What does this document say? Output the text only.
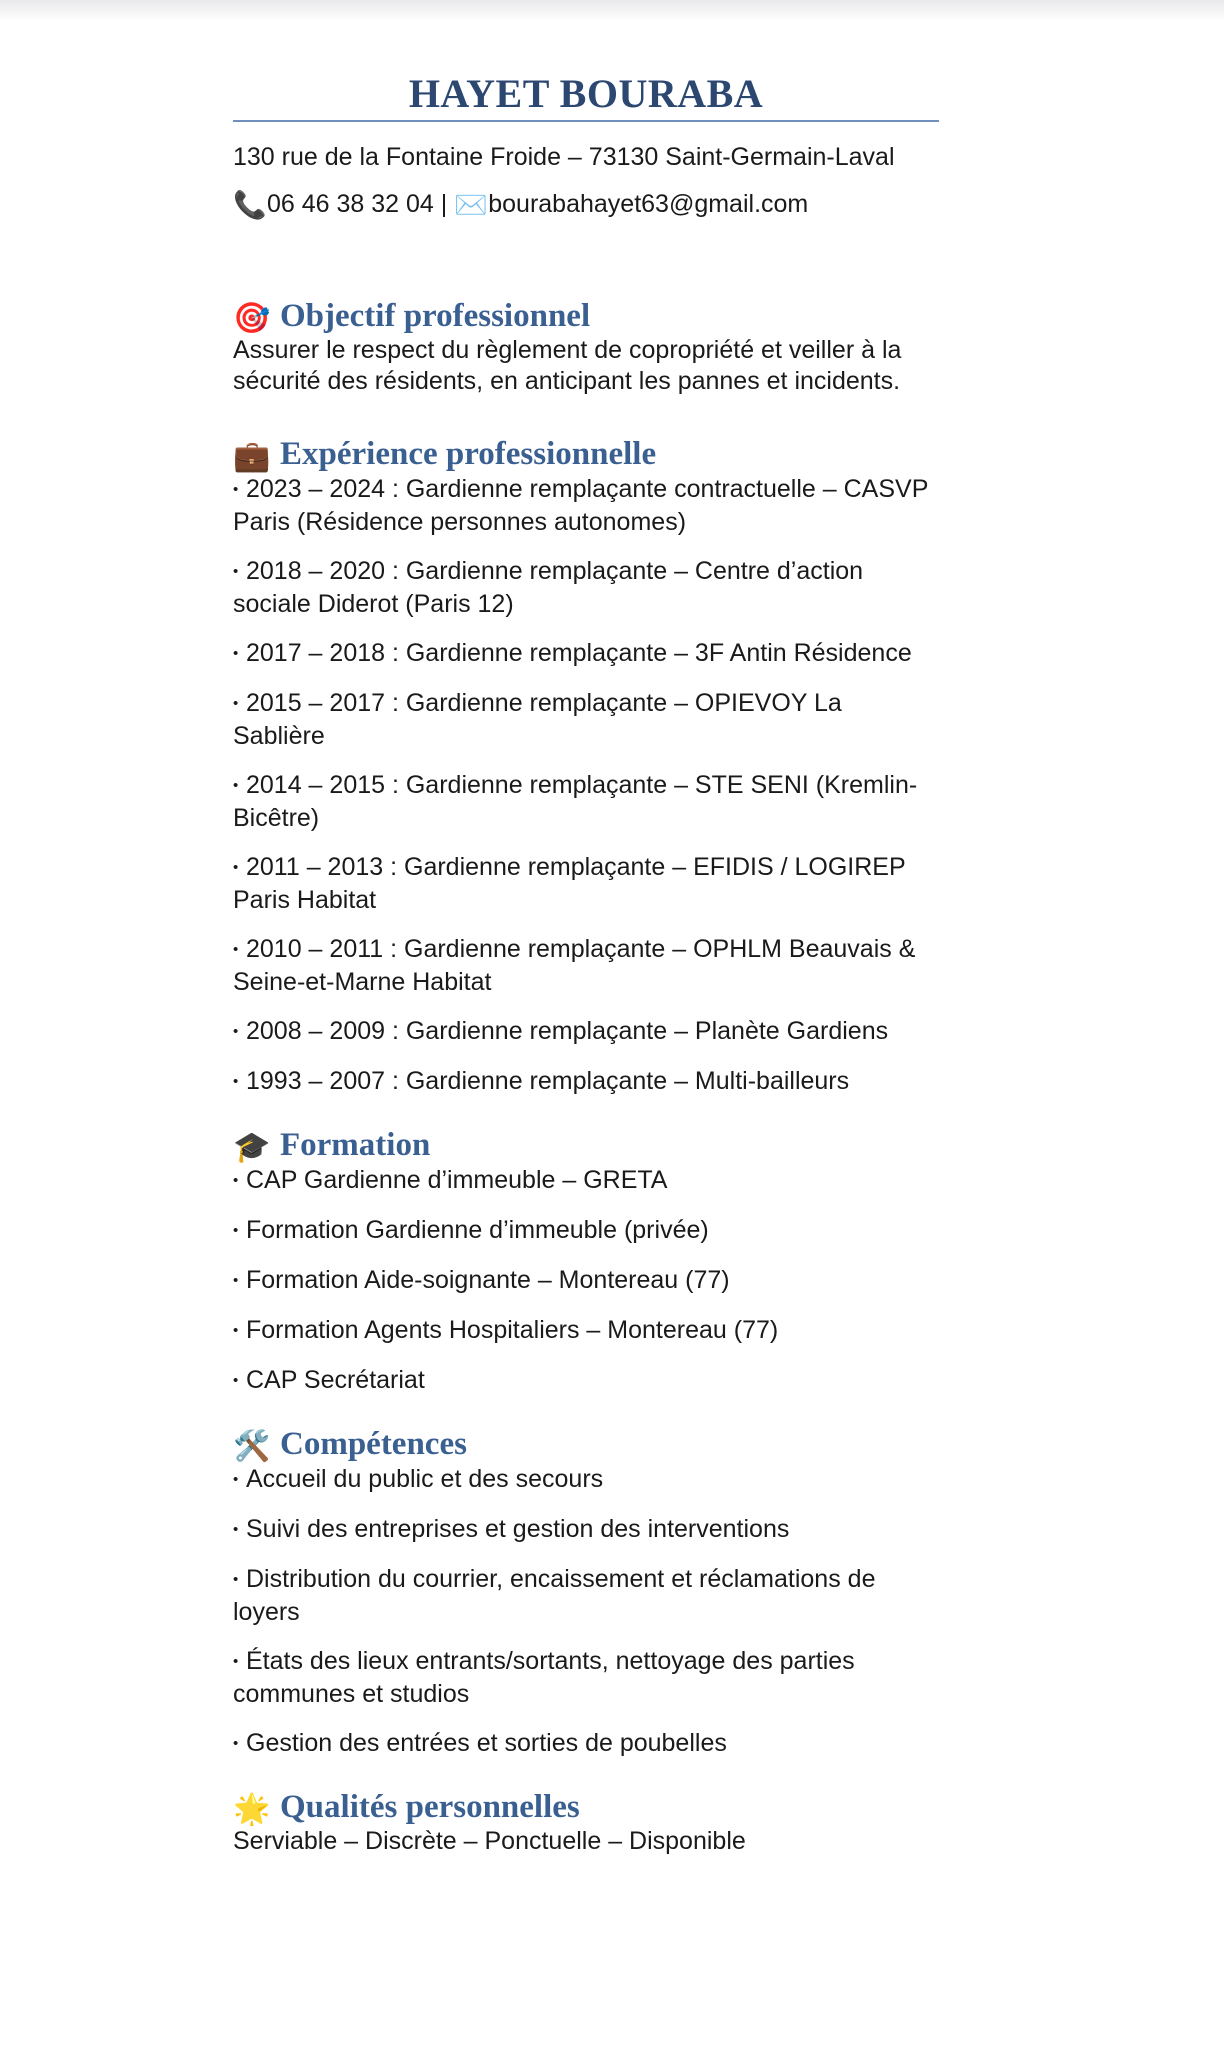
HAYET BOURABA

130 rue de la Fontaine Froide – 73130 Saint-Germain-Laval

📞06 46 38 32 04 | ✉️bourabahayet63@gmail.com

🎯 Objectif professionnel

Assurer le respect du règlement de copropriété et veiller à la sécurité des résidents, en anticipant les pannes et incidents.

💼 Expérience professionnelle

• 2023 – 2024 : Gardienne remplaçante contractuelle – CASVP Paris (Résidence personnes autonomes)

• 2018 – 2020 : Gardienne remplaçante – Centre d’action sociale Diderot (Paris 12)

• 2017 – 2018 : Gardienne remplaçante – 3F Antin Résidence

• 2015 – 2017 : Gardienne remplaçante – OPIEVOY La Sablière

• 2014 – 2015 : Gardienne remplaçante – STE SENI (Kremlin-Bicêtre)

• 2011 – 2013 : Gardienne remplaçante – EFIDIS / LOGIREP Paris Habitat

• 2010 – 2011 : Gardienne remplaçante – OPHLM Beauvais & Seine-et-Marne Habitat

• 2008 – 2009 : Gardienne remplaçante – Planète Gardiens

• 1993 – 2007 : Gardienne remplaçante – Multi-bailleurs

🎓 Formation

• CAP Gardienne d’immeuble – GRETA

• Formation Gardienne d’immeuble (privée)

• Formation Aide-soignante – Montereau (77)

• Formation Agents Hospitaliers – Montereau (77)

• CAP Secrétariat

🛠️ Compétences

• Accueil du public et des secours

• Suivi des entreprises et gestion des interventions

• Distribution du courrier, encaissement et réclamations de loyers

• États des lieux entrants/sortants, nettoyage des parties communes et studios

• Gestion des entrées et sorties de poubelles

🌟 Qualités personnelles

Serviable – Discrète – Ponctuelle – Disponible
